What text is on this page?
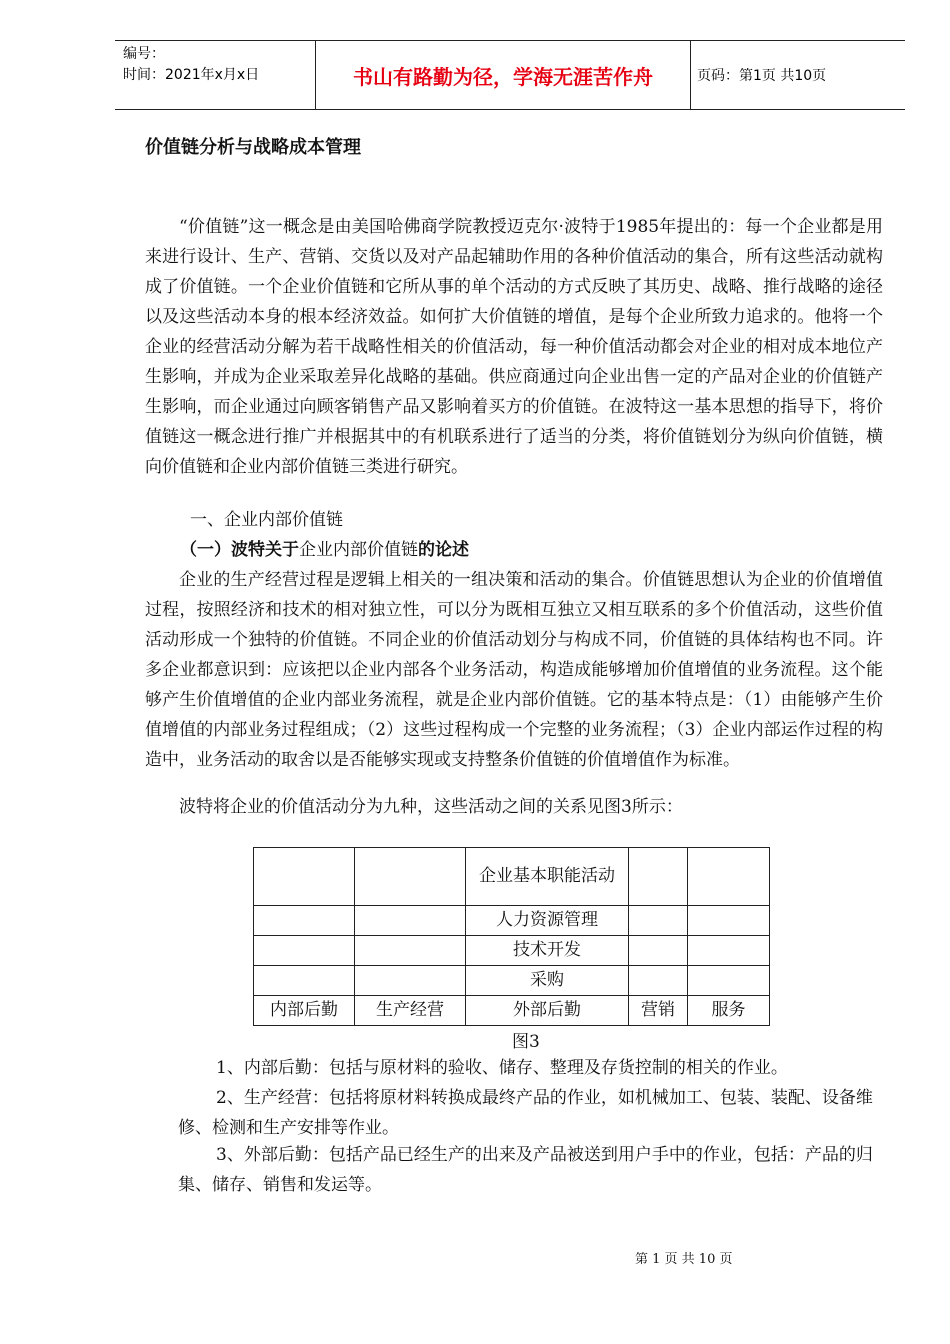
编号：
时间：2021年x月x日	书山有路勤为径，学海无涯苦作舟	页码：第1页 共10页
价值链分析与战略成本管理
“价值链”这一概念是由美国哈佛商学院教授迈克尔·波特于1985年提出的：每一个企业都是用来进行设计、生产、营销、交货以及对产品起辅助作用的各种价值活动的集合，所有这些活动就构成了价值链。一个企业价值链和它所从事的单个活动的方式反映了其历史、战略、推行战略的途径以及这些活动本身的根本经济效益。如何扩大价值链的增值，是每个企业所致力追求的。他将一个企业的经营活动分解为若干战略性相关的价值活动，每一种价值活动都会对企业的相对成本地位产生影响，并成为企业采取差异化战略的基础。供应商通过向企业出售一定的产品对企业的价值链产生影响，而企业通过向顾客销售产品又影响着买方的价值链。在波特这一基本思想的指导下，将价值链这一概念进行推广并根据其中的有机联系进行了适当的分类，将价值链划分为纵向价值链，横向价值链和企业内部价值链三类进行研究。
一、企业内部价值链
（一）波特关于企业内部价值链的论述
企业的生产经营过程是逻辑上相关的一组决策和活动的集合。价值链思想认为企业的价值增值过程，按照经济和技术的相对独立性，可以分为既相互独立又相互联系的多个价值活动，这些价值活动形成一个独特的价值链。不同企业的价值活动划分与构成不同，价值链的具体结构也不同。许多企业都意识到：应该把以企业内部各个业务活动，构造成能够增加价值增值的业务流程。这个能够产生价值增值的企业内部业务流程，就是企业内部价值链。它的基本特点是：（1）由能够产生价值增值的内部业务过程组成；（2）这些过程构成一个完整的业务流程；（3）企业内部运作过程的构造中，业务活动的取舍以是否能够实现或支持整条价值链的价值增值作为标准。
波特将企业的价值活动分为九种，这些活动之间的关系见图3所示：
		企业基本职能活动		
		人力资源管理		
		技术开发		
		采购		
内部后勤	生产经营	外部后勤	营销	服务
图3
1、内部后勤：包括与原材料的验收、储存、整理及存货控制的相关的作业。
2、生产经营：包括将原材料转换成最终产品的作业，如机械加工、包装、装配、设备维修、检测和生产安排等作业。
3、外部后勤：包括产品已经生产的出来及产品被送到用户手中的作业，包括：产品的归集、储存、销售和发运等。
第 1 页 共 10 页
